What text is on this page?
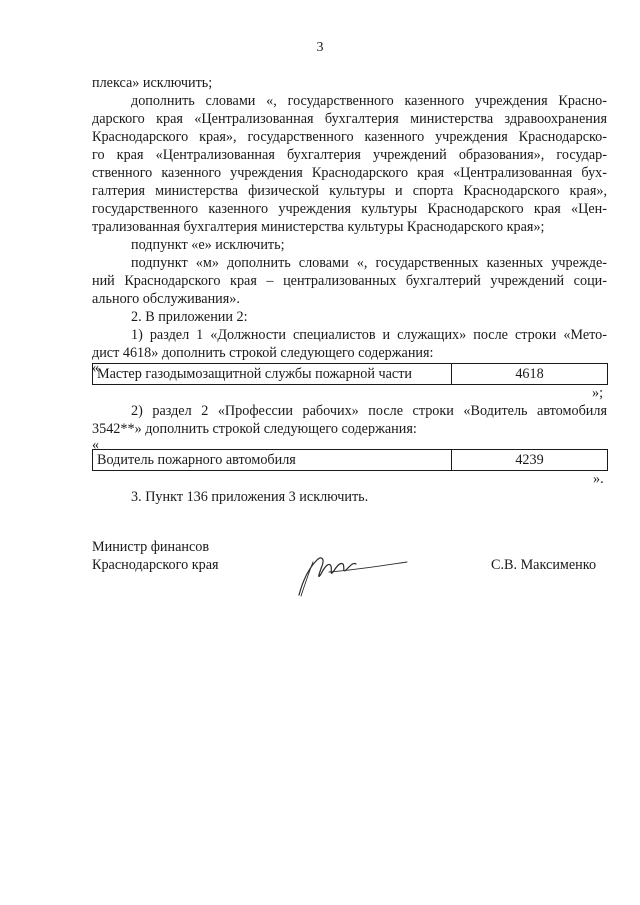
3
плекса» исключить;
дополнить словами «, государственного казенного учреждения Красно-
дарского края «Централизованная бухгалтерия министерства здравоохранения
Краснодарского края», государственного казенного учреждения Краснодарско-
го края «Централизованная бухгалтерия учреждений образования», государ-
ственного казенного учреждения Краснодарского края «Централизованная бух-
галтерия министерства физической культуры и спорта Краснодарского края»,
государственного казенного учреждения культуры Краснодарского края «Цен-
трализованная бухгалтерия министерства культуры Краснодарского края»;
подпункт «е» исключить;
подпункт «м» дополнить словами «, государственных казенных учрежде-
ний Краснодарского края – централизованных бухгалтерий учреждений соци-
ального обслуживания».
2. В приложении 2:
1) раздел 1 «Должности специалистов и служащих» после строки «Мето-
дист 4618» дополнить строкой следующего содержания:
«
Мастер газодымозащитной службы пожарной части	4618
»;
2) раздел 2 «Профессии рабочих» после строки «Водитель автомобиля
3542**» дополнить строкой следующего содержания:
«
Водитель пожарного автомобиля	4239
».
3. Пункт 136 приложения 3 исключить.
Министр финансов
Краснодарского края	С.В. Максименко
